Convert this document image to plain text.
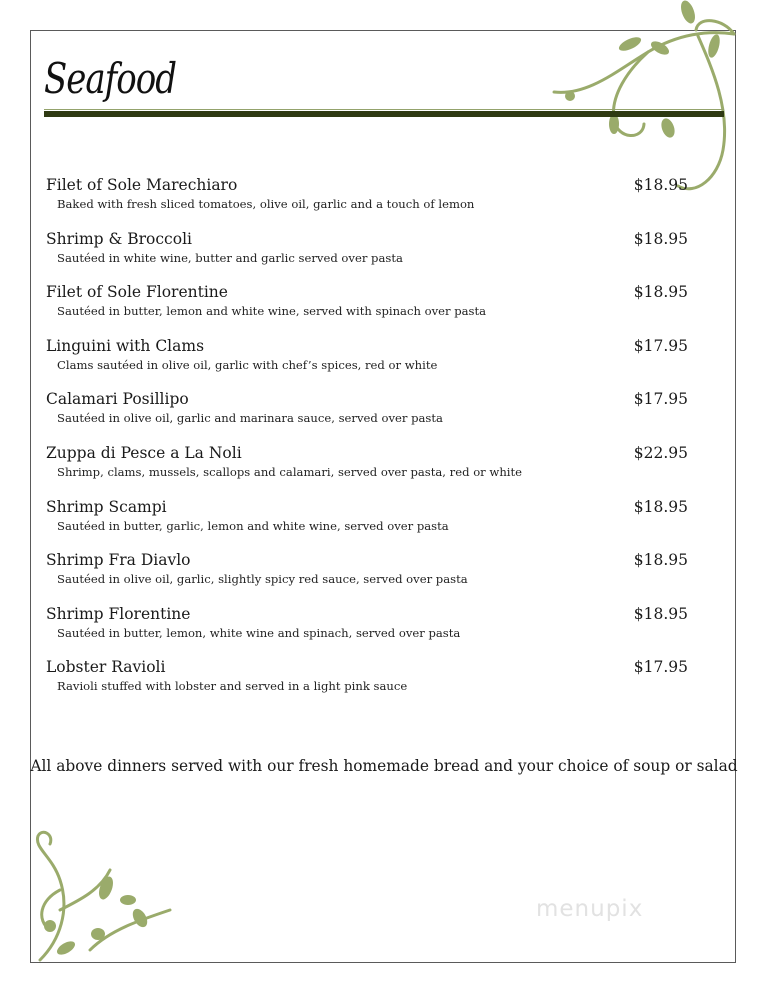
Seafood
Filet of Sole Marechiaro	$18.95
Baked with fresh sliced tomatoes, olive oil, garlic and a touch of lemon
Shrimp & Broccoli	$18.95
Sautéed in white wine, butter and garlic served over pasta
Filet of Sole Florentine	$18.95
Sautéed in butter, lemon and white wine, served with spinach over pasta
Linguini with Clams	$17.95
Clams sautéed in olive oil, garlic with chef’s spices, red or white
Calamari Posillipo	$17.95
Sautéed in olive oil, garlic and marinara sauce, served over pasta
Zuppa di Pesce a La Noli	$22.95
Shrimp, clams, mussels, scallops and calamari, served over pasta, red or white
Shrimp Scampi	$18.95
Sautéed in butter, garlic, lemon and white wine, served over pasta
Shrimp Fra Diavlo	$18.95
Sautéed in olive oil, garlic, slightly spicy red sauce, served over pasta
Shrimp Florentine	$18.95
Sautéed in butter, lemon, white wine and spinach, served over pasta
Lobster Ravioli	$17.95
Ravioli stuffed with lobster and served in a light pink sauce
All above dinners served with our fresh homemade bread and your choice of soup or salad
menupix
